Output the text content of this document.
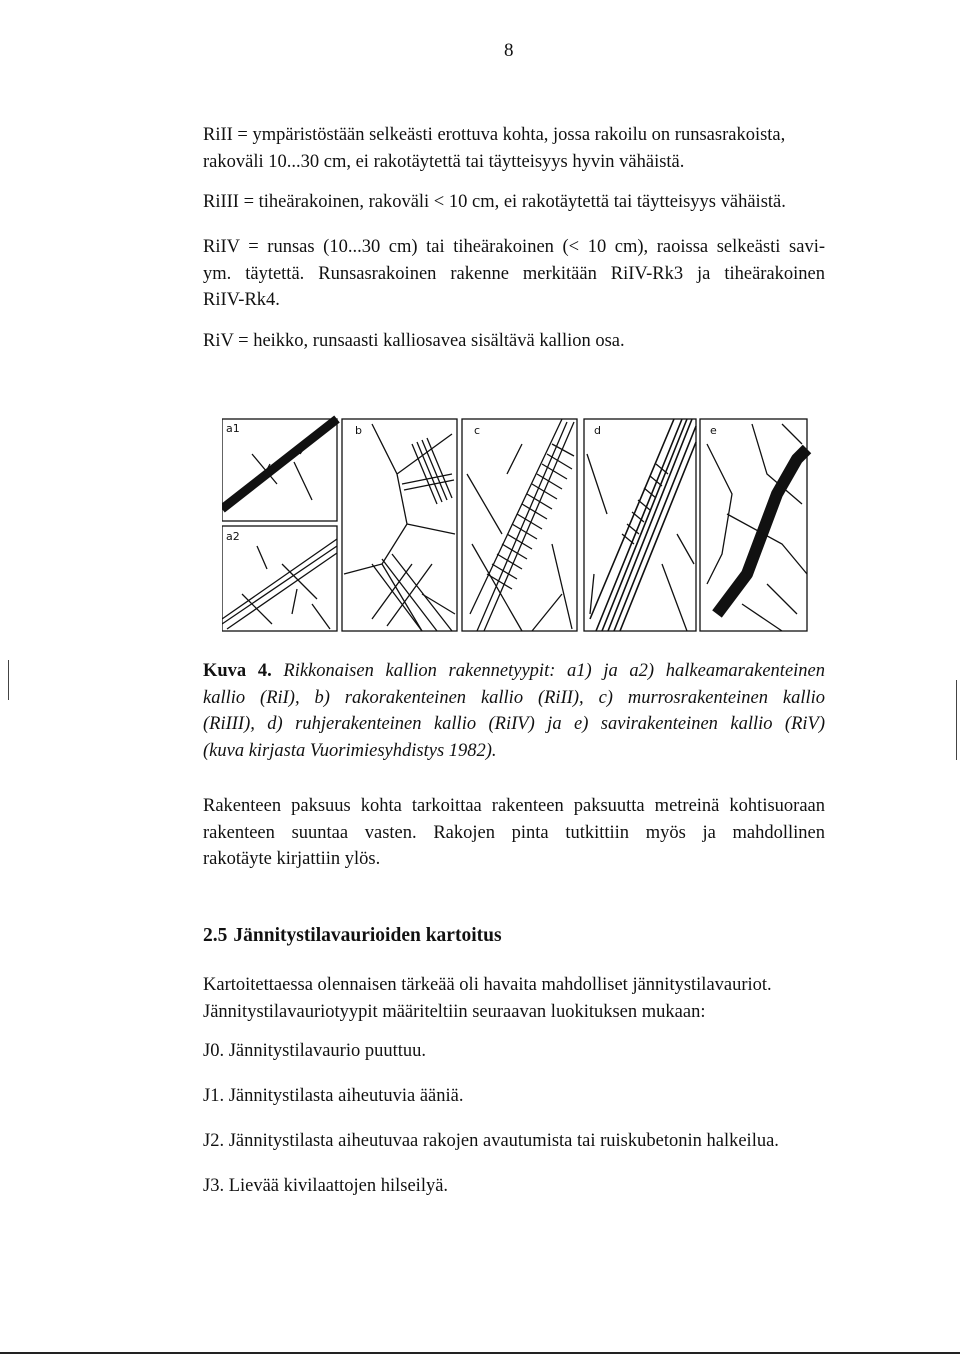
8

RiII = ympäristöstään selkeästi erottuva kohta, jossa rakoilu on runsasrakoista,
rakoväli 10...30 cm, ei rakotäytettä tai täytteisyys hyvin vähäistä.

RiIII = tiheärakoinen, rakoväli < 10 cm, ei rakotäytettä tai täytteisyys vähäistä.

RiIV = runsas (10...30 cm) tai tiheärakoinen (< 10 cm), raoissa selkeästi savi-
ym. täytettä. Runsasrakoinen rakenne merkitään RiIV-Rk3 ja tiheärakoinen
RiIV-Rk4.

RiV = heikko, runsaasti kalliosavea sisältävä kallion osa.

a1
a2
b	c	d	e
Kuva 4. Rikkonaisen kallion rakennetyypit: a1) ja a2) halkeamarakenteinen
kallio (RiI), b) rakorakenteinen kallio (RiII), c) murrosrakenteinen kallio
(RiIII), d) ruhjerakenteinen kallio (RiIV) ja e) savirakenteinen kallio (RiV)
(kuva kirjasta Vuorimiesyhdistys 1982).

Rakenteen paksuus kohta tarkoittaa rakenteen paksuutta metreinä kohtisuoraan
rakenteen suuntaa vasten. Rakojen pinta tutkittiin myös ja mahdollinen
rakotäyte kirjattiin ylös.

2.5 Jännitystilavaurioiden kartoitus

Kartoitettaessa olennaisen tärkeää oli havaita mahdolliset jännitystilavauriot.
Jännitystilavauriotyypit määriteltiin seuraavan luokituksen mukaan:

J0. Jännitystilavaurio puuttuu.

J1. Jännitystilasta aiheutuvia ääniä.

J2. Jännitystilasta aiheutuvaa rakojen avautumista tai ruiskubetonin halkeilua.

J3. Lievää kivilaattojen hilseilyä.
